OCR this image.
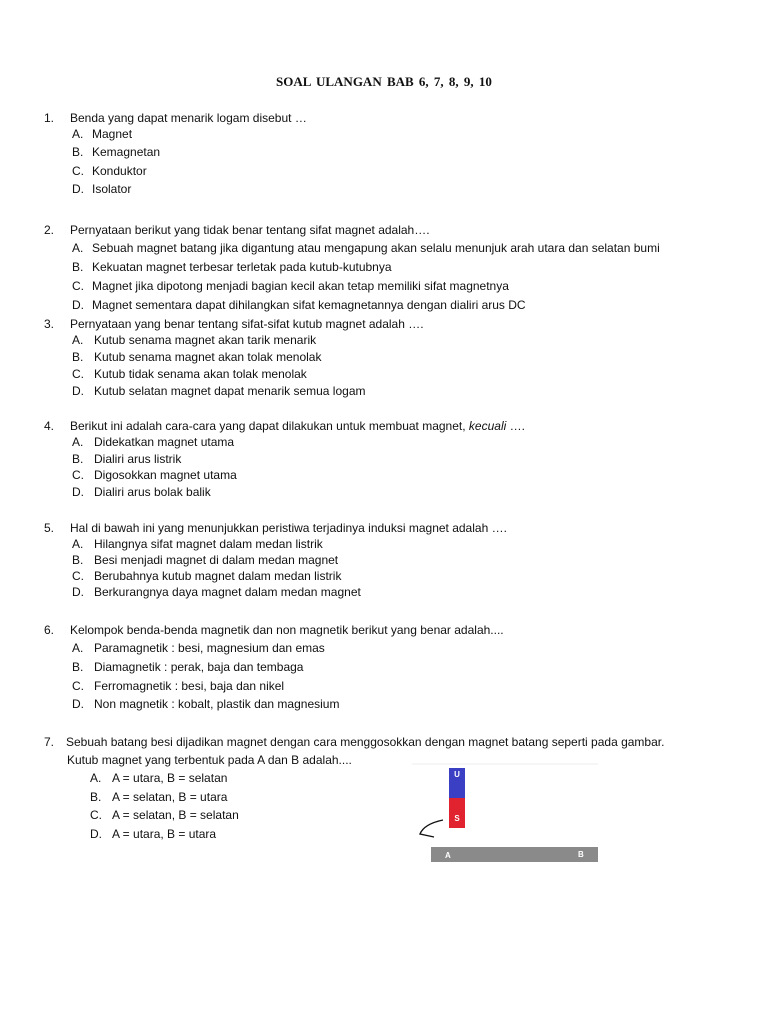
SOAL ULANGAN BAB 6, 7, 8, 9, 10
1. Benda yang dapat menarik logam disebut …
A. Magnet
B. Kemagnetan
C. Konduktor
D. Isolator
2. Pernyataan berikut yang tidak benar tentang sifat magnet adalah….
A. Sebuah magnet batang jika digantung atau mengapung akan selalu menunjuk arah utara dan selatan bumi
B. Kekuatan magnet terbesar terletak pada kutub-kutubnya
C. Magnet jika dipotong menjadi bagian kecil akan tetap memiliki sifat magnetnya
D. Magnet sementara dapat dihilangkan sifat kemagnetannya dengan dialiri arus DC
3. Pernyataan yang benar tentang sifat-sifat kutub magnet adalah ….
A. Kutub senama magnet akan tarik menarik
B. Kutub senama magnet akan tolak menolak
C. Kutub tidak senama akan tolak menolak
D. Kutub selatan magnet dapat menarik semua logam
4. Berikut ini adalah cara-cara yang dapat dilakukan untuk membuat magnet, kecuali ….
A. Didekatkan magnet utama
B. Dialiri arus listrik
C. Digosokkan magnet utama
D. Dialiri arus bolak balik
5. Hal di bawah ini yang menunjukkan peristiwa terjadinya induksi magnet adalah ….
A. Hilangnya sifat magnet dalam medan listrik
B. Besi menjadi magnet di dalam medan magnet
C. Berubahnya kutub magnet dalam medan listrik
D. Berkurangnya daya magnet dalam medan magnet
6. Kelompok benda-benda magnetik dan non magnetik berikut yang benar adalah....
A. Paramagnetik : besi, magnesium dan emas
B. Diamagnetik : perak, baja dan tembaga
C. Ferromagnetik : besi, baja dan nikel
D. Non magnetik : kobalt, plastik dan magnesium
7. Sebuah batang besi dijadikan magnet dengan cara menggosokkan dengan magnet batang seperti pada gambar.
Kutub magnet yang terbentuk pada A dan B adalah....
A. A = utara, B = selatan
B. A = selatan, B = utara
C. A = selatan, B = selatan
D. A = utara, B = utara
U
S
A	B
